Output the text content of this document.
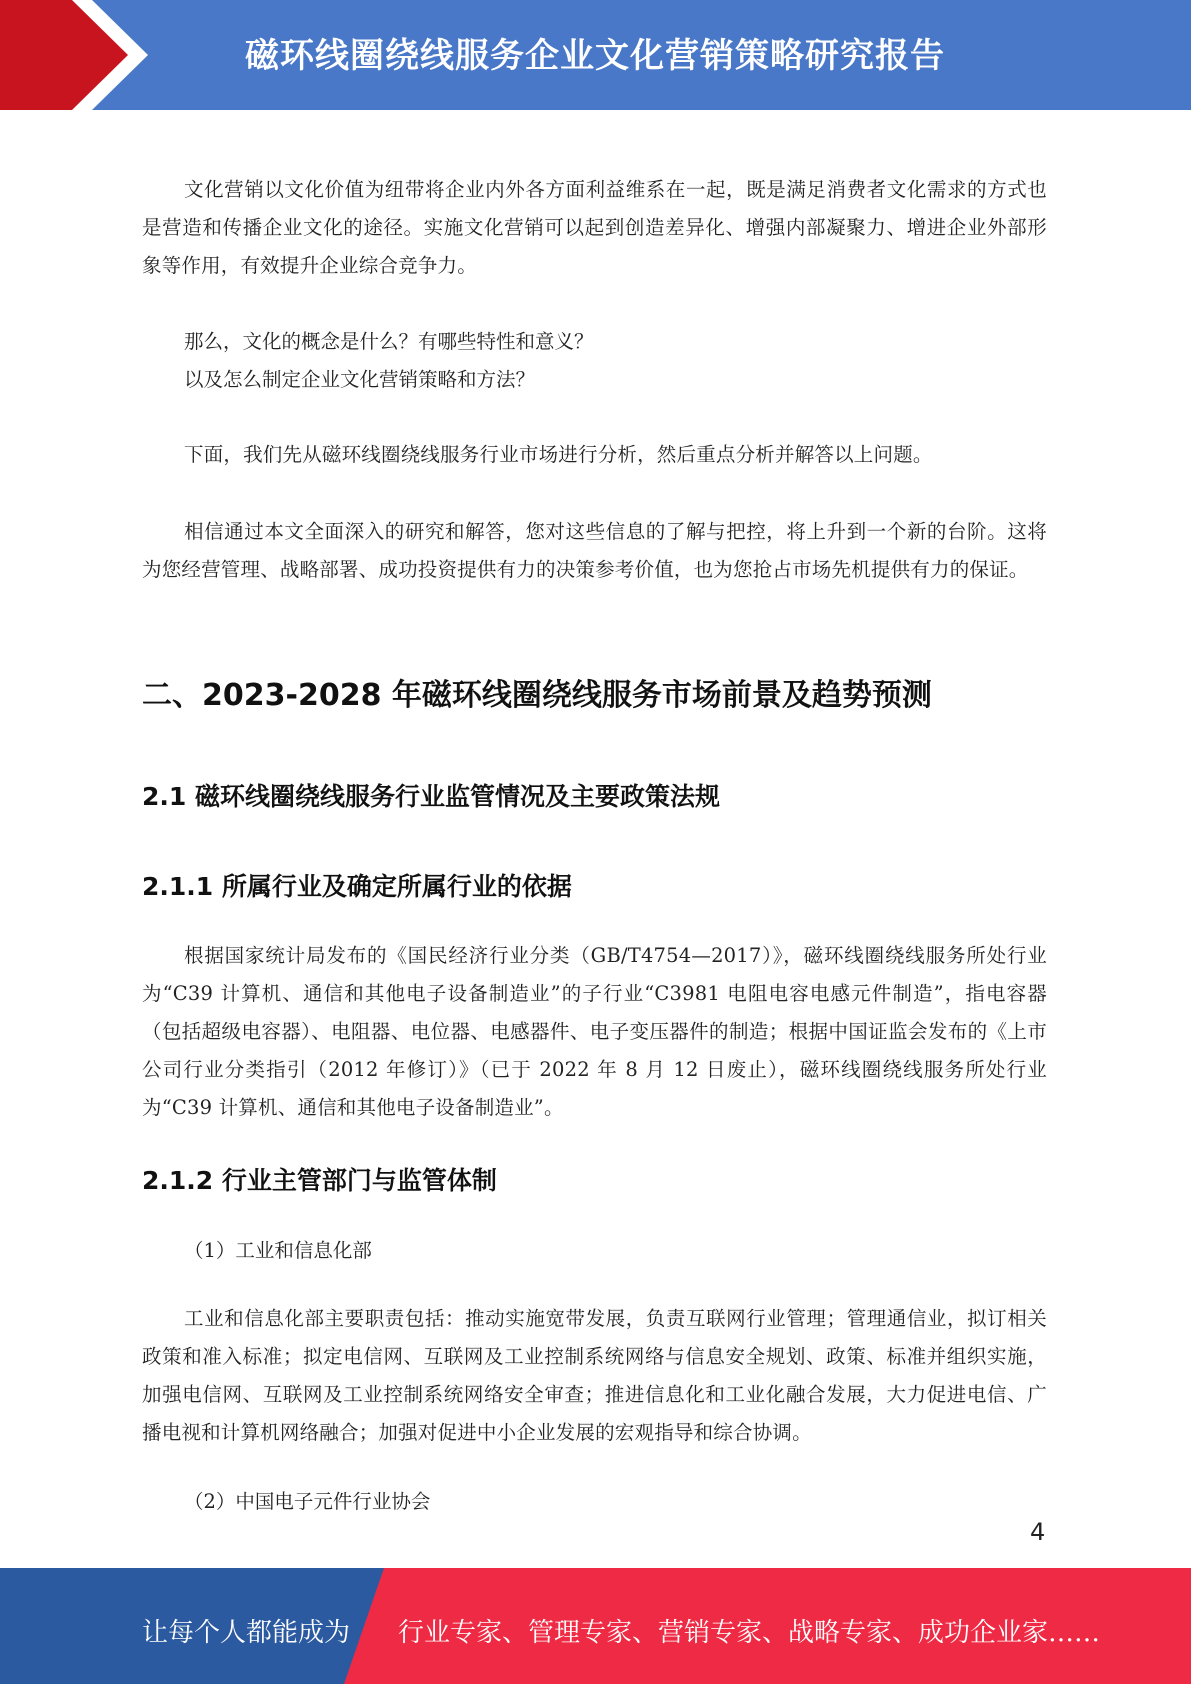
磁环线圈绕线服务企业文化营销策略研究报告
文化营销以文化价值为纽带将企业内外各方面利益维系在一起，既是满足消费者文化需求的方式也是营造和传播企业文化的途径。实施文化营销可以起到创造差异化、增强内部凝聚力、增进企业外部形象等作用，有效提升企业综合竞争力。
那么，文化的概念是什么？有哪些特性和意义？
以及怎么制定企业文化营销策略和方法？
下面，我们先从磁环线圈绕线服务行业市场进行分析，然后重点分析并解答以上问题。
相信通过本文全面深入的研究和解答，您对这些信息的了解与把控，将上升到一个新的台阶。这将为您经营管理、战略部署、成功投资提供有力的决策参考价值，也为您抢占市场先机提供有力的保证。
二、2023-2028 年磁环线圈绕线服务市场前景及趋势预测
2.1 磁环线圈绕线服务行业监管情况及主要政策法规
2.1.1 所属行业及确定所属行业的依据
根据国家统计局发布的《国民经济行业分类（GB/T4754—2017）》，磁环线圈绕线服务所处行业为“C39 计算机、通信和其他电子设备制造业”的子行业“C3981 电阻电容电感元件制造”，指电容器（包括超级电容器）、电阻器、电位器、电感器件、电子变压器件的制造；根据中国证监会发布的《上市公司行业分类指引（2012 年修订）》（已于 2022 年 8 月 12 日废止），磁环线圈绕线服务所处行业为“C39 计算机、通信和其他电子设备制造业”。
2.1.2 行业主管部门与监管体制
（1）工业和信息化部
工业和信息化部主要职责包括：推动实施宽带发展，负责互联网行业管理；管理通信业，拟订相关政策和准入标准；拟定电信网、互联网及工业控制系统网络与信息安全规划、政策、标准并组织实施，加强电信网、互联网及工业控制系统网络安全审查；推进信息化和工业化融合发展，大力促进电信、广播电视和计算机网络融合；加强对促进中小企业发展的宏观指导和综合协调。
（2）中国电子元件行业协会
4
让每个人都能成为 行业专家、管理专家、营销专家、战略专家、成功企业家……
